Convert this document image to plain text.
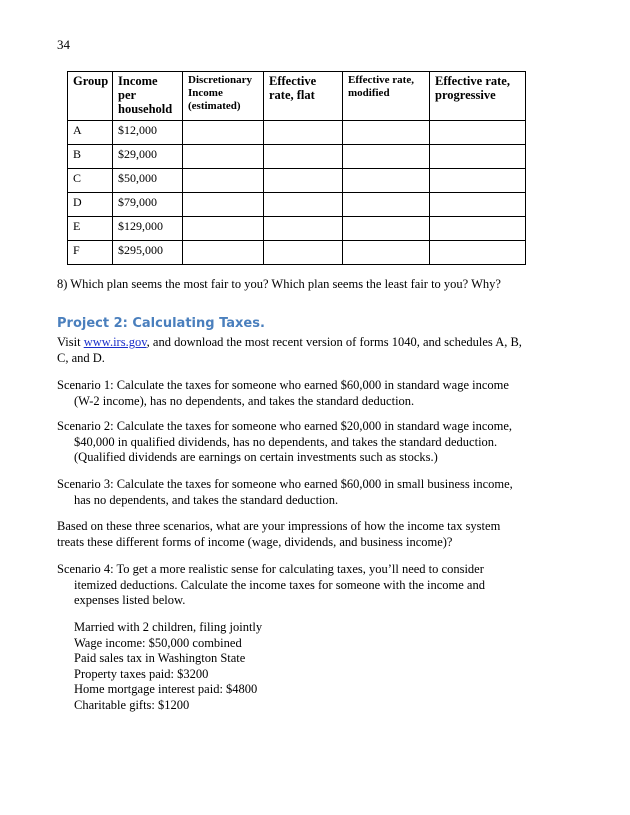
34
Group	Income per household	Discretionary Income (estimated)	Effective rate, flat	Effective rate, modified	Effective rate, progressive
A	$12,000				
B	$29,000				
C	$50,000				
D	$79,000				
E	$129,000				
F	$295,000				
8) Which plan seems the most fair to you? Which plan seems the least fair to you? Why?
Project 2: Calculating Taxes.
Visit www.irs.gov, and download the most recent version of forms 1040, and schedules A, B, C, and D.
Scenario 1: Calculate the taxes for someone who earned $60,000 in standard wage income
(W-2 income), has no dependents, and takes the standard deduction.
Scenario 2: Calculate the taxes for someone who earned $20,000 in standard wage income,
$40,000 in qualified dividends, has no dependents, and takes the standard deduction.
(Qualified dividends are earnings on certain investments such as stocks.)
Scenario 3: Calculate the taxes for someone who earned $60,000 in small business income,
has no dependents, and takes the standard deduction.
Based on these three scenarios, what are your impressions of how the income tax system
treats these different forms of income (wage, dividends, and business income)?
Scenario 4: To get a more realistic sense for calculating taxes, you’ll need to consider
itemized deductions. Calculate the income taxes for someone with the income and
expenses listed below.
Married with 2 children, filing jointly
Wage income: $50,000 combined
Paid sales tax in Washington State
Property taxes paid: $3200
Home mortgage interest paid: $4800
Charitable gifts: $1200
